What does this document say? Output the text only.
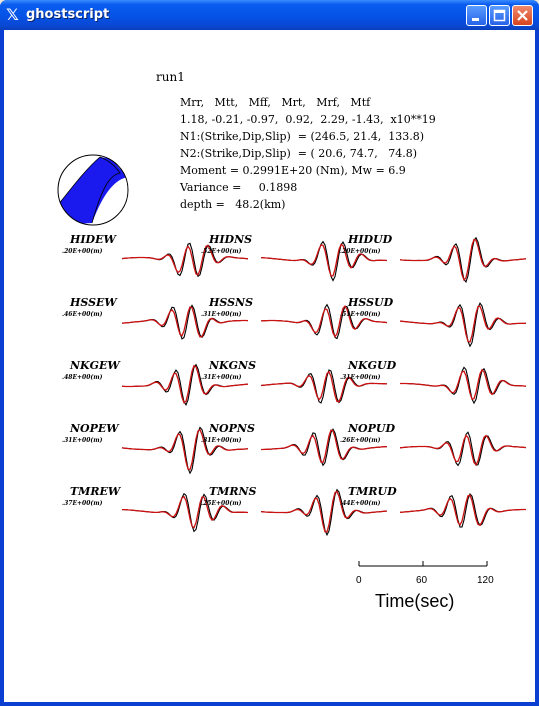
𝕏 ghostscript
run1
Mrr,   Mtt,   Mff,   Mrt,   Mrf,   Mtf
1.18, -0.21, -0.97,  0.92,  2.29, -1.43,  x10**19
N1:(Strike,Dip,Slip)  = (246.5, 21.4,  133.8)
N2:(Strike,Dip,Slip)  = ( 20.6, 74.7,   74.8)
Moment = 0.2991E+20 (Nm), Mw = 6.9
Variance =     0.1898
depth =   48.2(km)
HIDEW
.20E+00(m)
HIDNS
.52E+00(m)
HIDUD
.20E+00(m)
HSSEW
.46E+00(m)
HSSNS
.31E+00(m)
HSSUD
.51E+00(m)
NKGEW
.48E+00(m)
NKGNS
.31E+00(m)
NKGUD
.31E+00(m)
NOPEW
.31E+00(m)
NOPNS
.31E+00(m)
NOPUD
.26E+00(m)
TMREW
.37E+00(m)
TMRNS
.25E+00(m)
TMRUD
.44E+00(m)
0	60	120
Time(sec)
